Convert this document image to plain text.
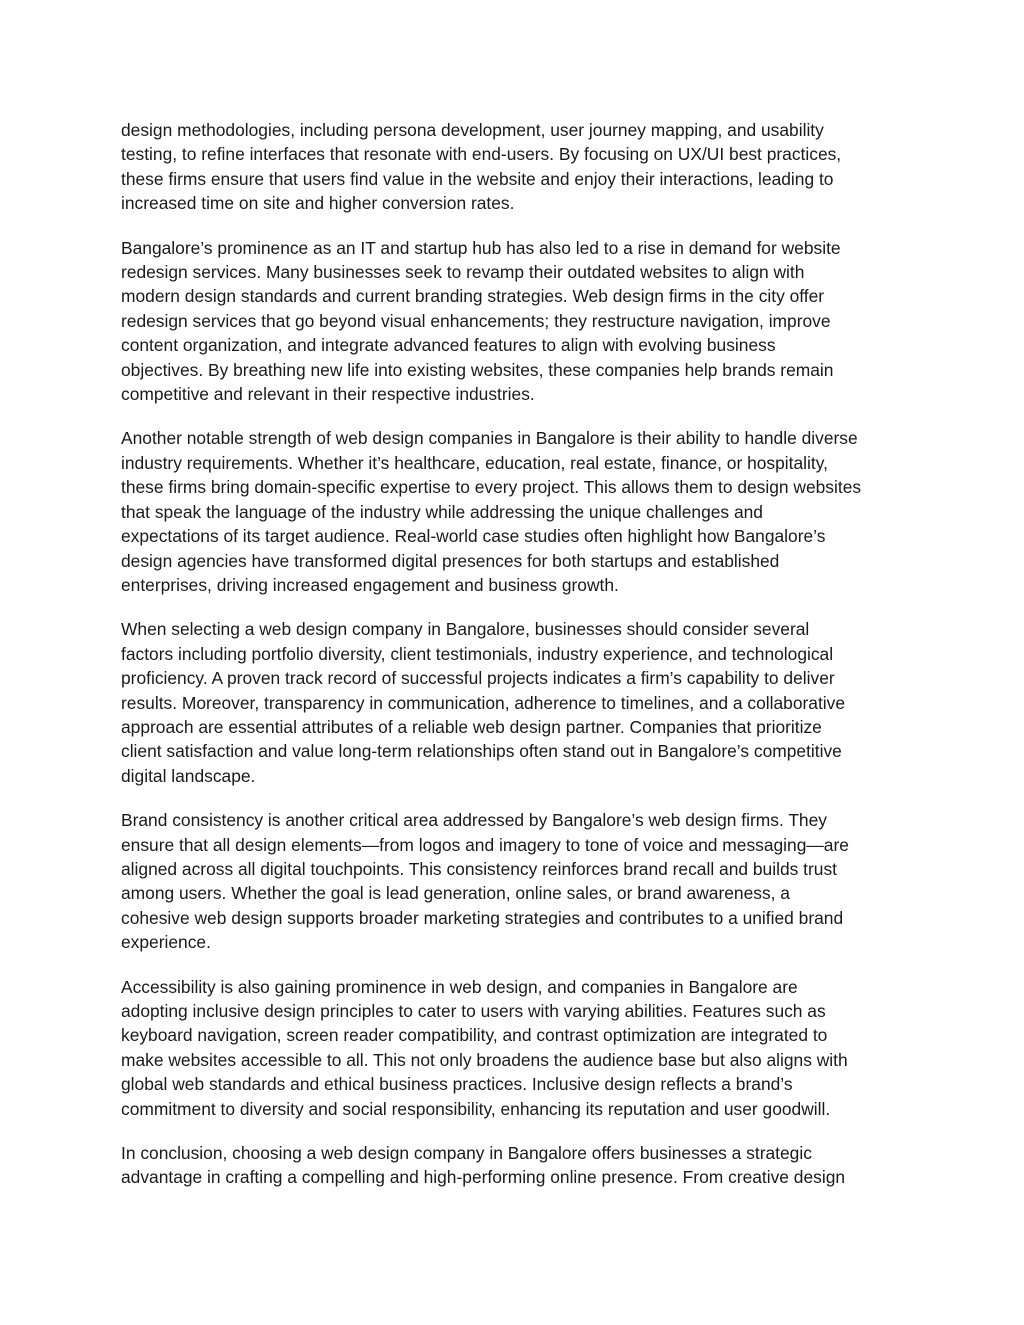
design methodologies, including persona development, user journey mapping, and usability
testing, to refine interfaces that resonate with end-users. By focusing on UX/UI best practices,
these firms ensure that users find value in the website and enjoy their interactions, leading to
increased time on site and higher conversion rates.

Bangalore’s prominence as an IT and startup hub has also led to a rise in demand for website
redesign services. Many businesses seek to revamp their outdated websites to align with
modern design standards and current branding strategies. Web design firms in the city offer
redesign services that go beyond visual enhancements; they restructure navigation, improve
content organization, and integrate advanced features to align with evolving business
objectives. By breathing new life into existing websites, these companies help brands remain
competitive and relevant in their respective industries.

Another notable strength of web design companies in Bangalore is their ability to handle diverse
industry requirements. Whether it’s healthcare, education, real estate, finance, or hospitality,
these firms bring domain-specific expertise to every project. This allows them to design websites
that speak the language of the industry while addressing the unique challenges and
expectations of its target audience. Real-world case studies often highlight how Bangalore’s
design agencies have transformed digital presences for both startups and established
enterprises, driving increased engagement and business growth.

When selecting a web design company in Bangalore, businesses should consider several
factors including portfolio diversity, client testimonials, industry experience, and technological
proficiency. A proven track record of successful projects indicates a firm’s capability to deliver
results. Moreover, transparency in communication, adherence to timelines, and a collaborative
approach are essential attributes of a reliable web design partner. Companies that prioritize
client satisfaction and value long-term relationships often stand out in Bangalore’s competitive
digital landscape.

Brand consistency is another critical area addressed by Bangalore’s web design firms. They
ensure that all design elements—from logos and imagery to tone of voice and messaging—are
aligned across all digital touchpoints. This consistency reinforces brand recall and builds trust
among users. Whether the goal is lead generation, online sales, or brand awareness, a
cohesive web design supports broader marketing strategies and contributes to a unified brand
experience.

Accessibility is also gaining prominence in web design, and companies in Bangalore are
adopting inclusive design principles to cater to users with varying abilities. Features such as
keyboard navigation, screen reader compatibility, and contrast optimization are integrated to
make websites accessible to all. This not only broadens the audience base but also aligns with
global web standards and ethical business practices. Inclusive design reflects a brand’s
commitment to diversity and social responsibility, enhancing its reputation and user goodwill.

In conclusion, choosing a web design company in Bangalore offers businesses a strategic
advantage in crafting a compelling and high-performing online presence. From creative design
